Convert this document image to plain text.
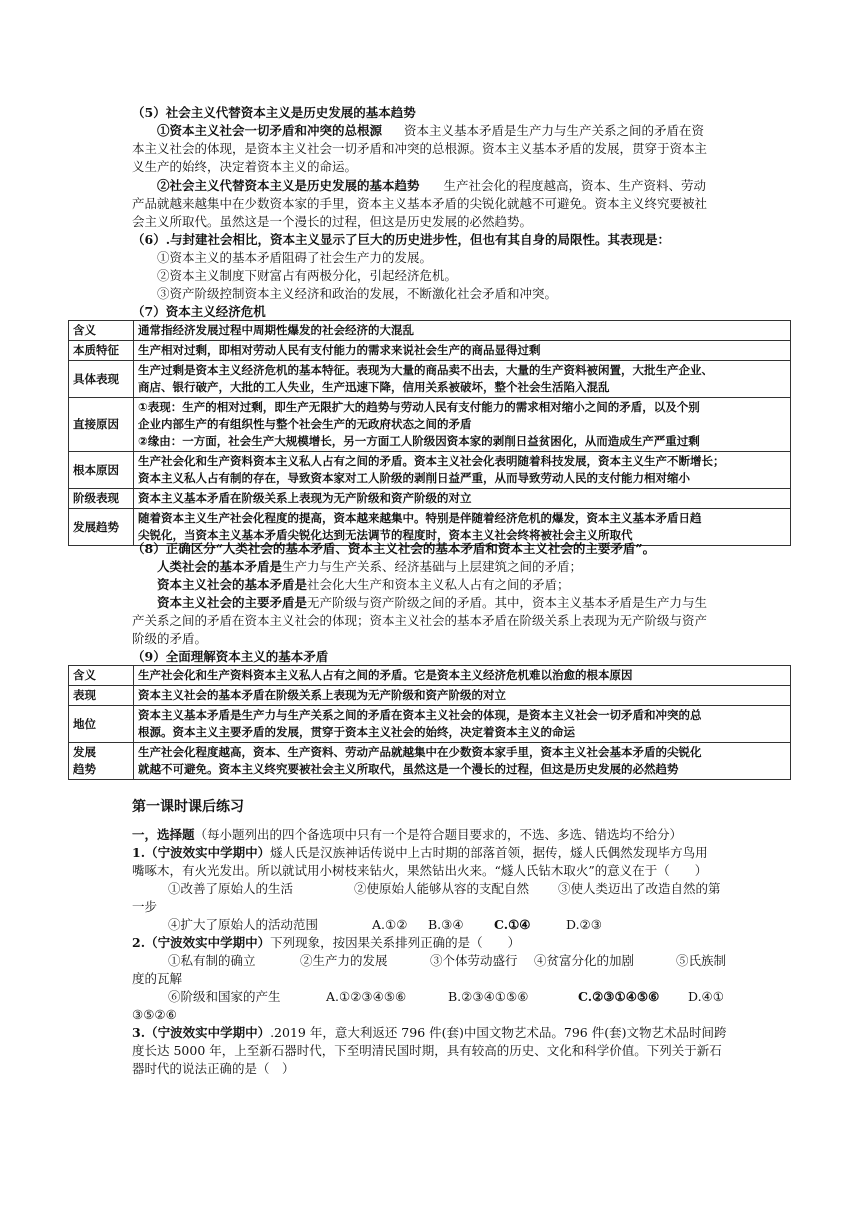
（5）社会主义代替资本主义是历史发展的基本趋势
①资本主义社会一切矛盾和冲突的总根源 资本主义基本矛盾是生产力与生产关系之间的矛盾在资
本主义社会的体现，是资本主义社会一切矛盾和冲突的总根源。资本主义基本矛盾的发展，贯穿于资本主
义生产的始终，决定着资本主义的命运。
②社会主义代替资本主义是历史发展的基本趋势 生产社会化的程度越高，资本、生产资料、劳动
产品就越来越集中在少数资本家的手里，资本主义基本矛盾的尖锐化就越不可避免。资本主义终究要被社
会主义所取代。虽然这是一个漫长的过程，但这是历史发展的必然趋势。
（6）.与封建社会相比，资本主义显示了巨大的历史进步性，但也有其自身的局限性。其表现是：
①资本主义的基本矛盾阻碍了社会生产力的发展。
②资本主义制度下财富占有两极分化，引起经济危机。
③资产阶级控制资本主义经济和政治的发展，不断激化社会矛盾和冲突。
（7）资本主义经济危机
含义	通常指经济发展过程中周期性爆发的社会经济的大混乱

本质特征	生产相对过剩，即相对劳动人民有支付能力的需求来说社会生产的商品显得过剩

具体表现	生产过剩是资本主义经济危机的基本特征。表现为大量的商品卖不出去，大量的生产资料被闲置，大批生产企业、
商店、银行破产，大批的工人失业，生产迅速下降，信用关系被破坏，整个社会生活陷入混乱

直接原因	①表现：生产的相对过剩，即生产无限扩大的趋势与劳动人民有支付能力的需求相对缩小之间的矛盾，以及个别
企业内部生产的有组织性与整个社会生产的无政府状态之间的矛盾
②缘由：一方面，社会生产大规模增长，另一方面工人阶级因资本家的剥削日益贫困化，从而造成生产严重过剩

根本原因	生产社会化和生产资料资本主义私人占有之间的矛盾。资本主义社会化表明随着科技发展，资本主义生产不断增长；
资本主义私人占有制的存在，导致资本家对工人阶级的剥削日益严重，从而导致劳动人民的支付能力相对缩小

阶级表现	资本主义基本矛盾在阶级关系上表现为无产阶级和资产阶级的对立

发展趋势	随着资本主义生产社会化程度的提高，资本越来越集中。特别是伴随着经济危机的爆发，资本主义基本矛盾日趋
尖锐化，当资本主义基本矛盾尖锐化达到无法调节的程度时，资本主义社会终将被社会主义所取代
（8）正确区分“人类社会的基本矛盾、资本主义社会的基本矛盾和资本主义社会的主要矛盾”。
人类社会的基本矛盾是生产力与生产关系、经济基础与上层建筑之间的矛盾；
资本主义社会的基本矛盾是社会化大生产和资本主义私人占有之间的矛盾；
资本主义社会的主要矛盾是无产阶级与资产阶级之间的矛盾。其中，资本主义基本矛盾是生产力与生
产关系之间的矛盾在资本主义社会的体现；资本主义社会的基本矛盾在阶级关系上表现为无产阶级与资产
阶级的矛盾。
（9）全面理解资本主义的基本矛盾
含义	生产社会化和生产资料资本主义私人占有之间的矛盾。它是资本主义经济危机难以治愈的根本原因

表现	资本主义社会的基本矛盾在阶级关系上表现为无产阶级和资产阶级的对立

地位	资本主义基本矛盾是生产力与生产关系之间的矛盾在资本主义社会的体现，是资本主义社会一切矛盾和冲突的总
根源。资本主义主要矛盾的发展，贯穿于资本主义社会的始终，决定着资本主义的命运

发展
趋势	生产社会化程度越高，资本、生产资料、劳动产品就越集中在少数资本家手里，资本主义社会基本矛盾的尖锐化
就越不可避免。资本主义终究要被社会主义所取代，虽然这是一个漫长的过程，但这是历史发展的必然趋势
第一课时课后练习
一，选择题（每小题列出的四个备选项中只有一个是符合题目要求的，不选、多选、错选均不给分）
1.（宁波效实中学期中）燧人氏是汉族神话传说中上古时期的部落首领，据传，燧人氏偶然发现毕方鸟用
嘴啄木，有火光发出。所以就试用小树枝来钻火，果然钻出火来。“燧人氏钻木取火”的意义在于（　　）
①改善了原始人的生活	②使原始人能够从容的支配自然 ③使人类迈出了改造自然的第
一步
④扩大了原始人的活动范围	A.①② B.③④ C.①④	D.②③
2.（宁波效实中学期中）下列现象，按因果关系排列正确的是（　　）
①私有制的确立	②生产力的发展	③个体劳动盛行 ④贫富分化的加剧	⑤氏族制
度的瓦解
⑥阶级和国家的产生	A.①②③④⑤⑥	B.②③④①⑤⑥	C.②③①④⑤⑥ D.④①
③⑤②⑥
3.（宁波效实中学期中）.2019 年，意大利返还 796 件(套)中国文物艺术品。796 件(套)文物艺术品时间跨
度长达 5000 年，上至新石器时代，下至明清民国时期，具有较高的历史、文化和科学价值。下列关于新石
器时代的说法正确的是（　）
